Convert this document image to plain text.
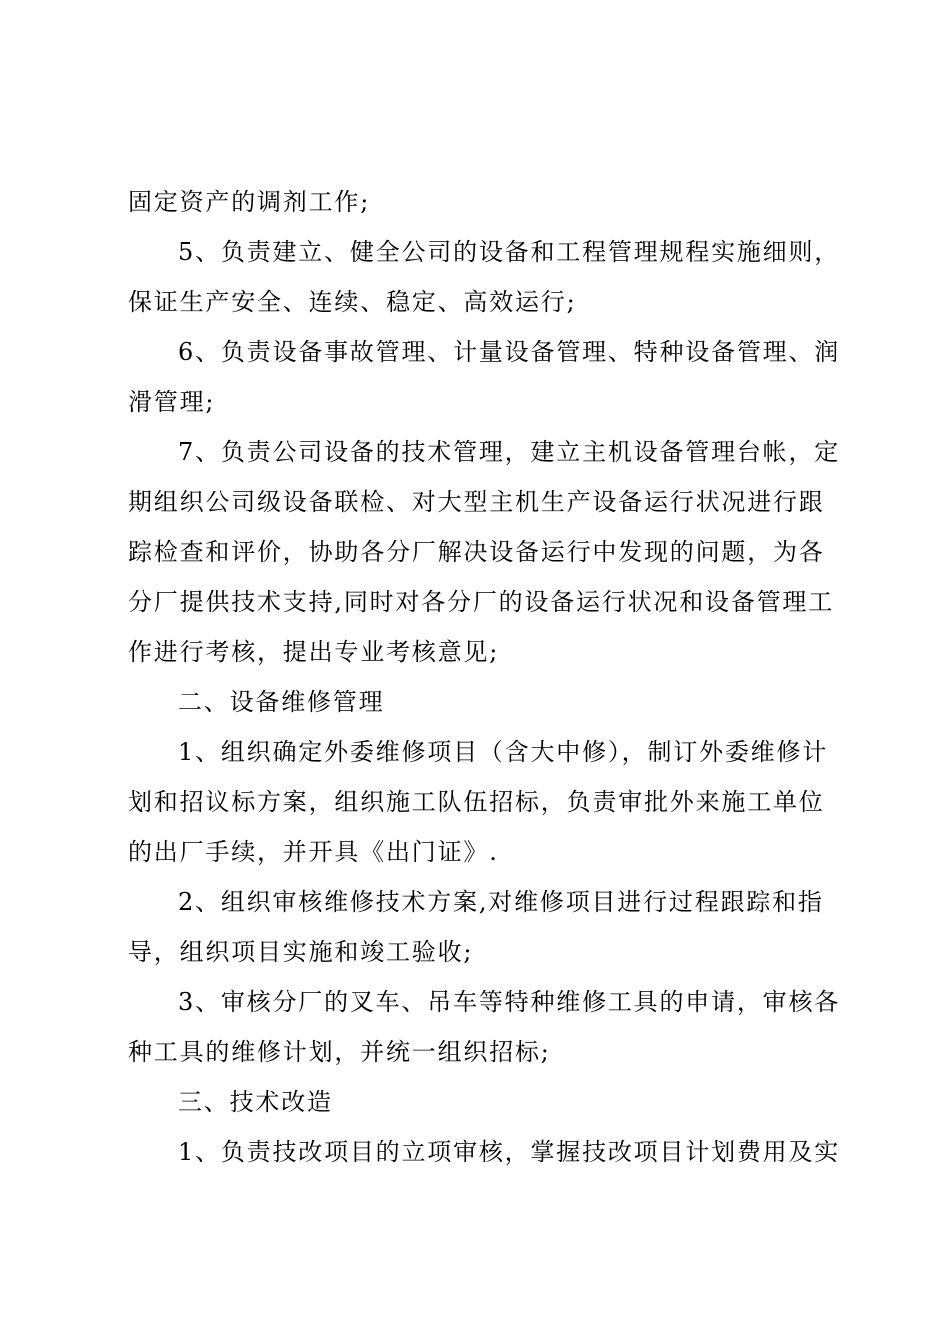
固定资产的调剂工作;
5、负责建立、健全公司的设备和工程管理规程实施细则，
保证生产安全、连续、稳定、高效运行;
6、负责设备事故管理、计量设备管理、特种设备管理、润
滑管理;
7、负责公司设备的技术管理，建立主机设备管理台帐，定
期组织公司级设备联检、对大型主机生产设备运行状况进行跟
踪检查和评价，协助各分厂解决设备运行中发现的问题，为各
分厂提供技术支持,同时对各分厂的设备运行状况和设备管理工
作进行考核，提出专业考核意见;
二、设备维修管理
1、组织确定外委维修项目（含大中修），制订外委维修计
划和招议标方案，组织施工队伍招标，负责审批外来施工单位
的出厂手续，并开具《出门证》.
2、组织审核维修技术方案,对维修项目进行过程跟踪和指
导，组织项目实施和竣工验收;
3、审核分厂的叉车、吊车等特种维修工具的申请，审核各
种工具的维修计划，并统一组织招标;
三、技术改造
1、负责技改项目的立项审核，掌握技改项目计划费用及实
